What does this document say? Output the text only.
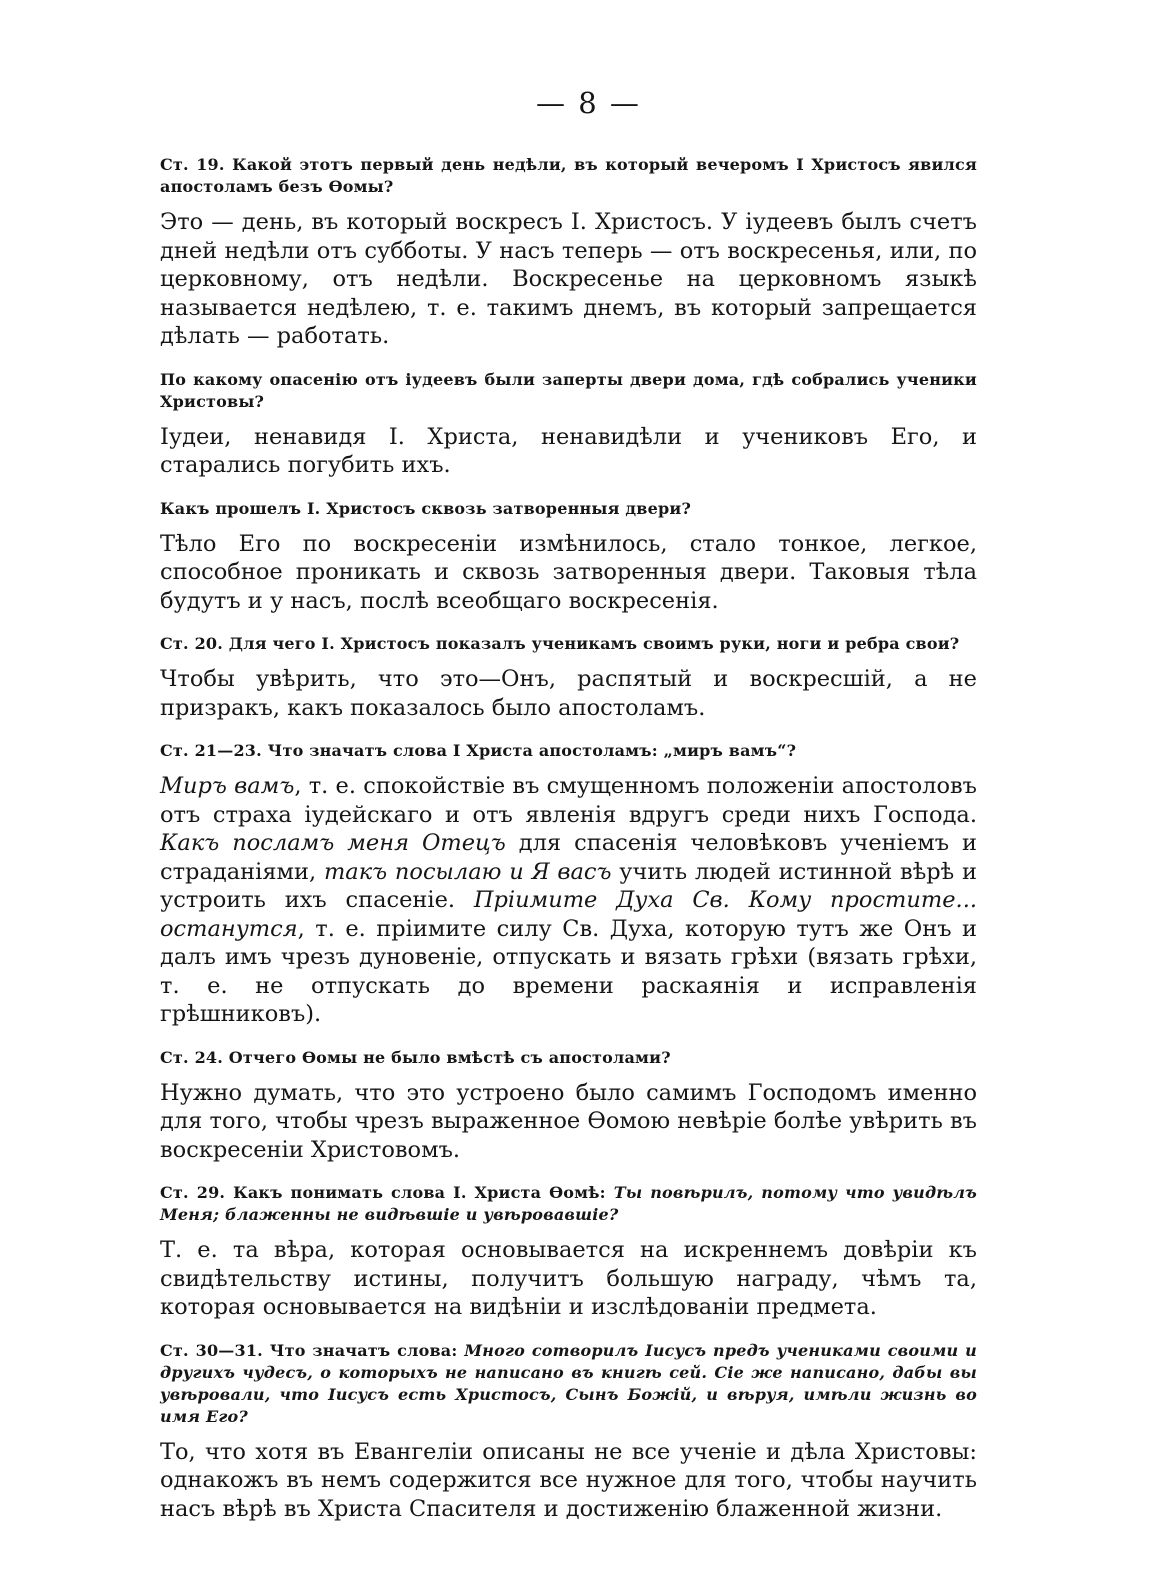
— 8 —

Ст. 19. Какой этотъ первый день недѣли, въ который вечеромъ I Христосъ явился апостоламъ безъ Ѳомы?

Это — день, въ который воскресъ I. Христосъ. У іудеевъ былъ счетъ дней недѣли отъ субботы. У насъ теперь — отъ воскресенья, или, по церковному, отъ недѣли. Воскресенье на церковномъ языкѣ называется недѣлею, т. е. такимъ днемъ, въ который запрещается дѣлать — работать.

По какому опасенію отъ іудеевъ были заперты двери дома, гдѣ собрались ученики Христовы?

Іудеи, ненавидя I. Христа, ненавидѣли и учениковъ Его, и старались погубить ихъ.

Какъ прошелъ I. Христосъ сквозь затворенныя двери?

Тѣло Его по воскресеніи измѣнилось, стало тонкое, легкое, способное проникать и сквозь затворенныя двери. Таковыя тѣла будутъ и у насъ, послѣ всеобщаго воскресенія.

Ст. 20. Для чего I. Христосъ показалъ ученикамъ своимъ руки, ноги и ребра свои?

Чтобы увѣрить, что это—Онъ, распятый и воскресшій, а не призракъ, какъ показалось было апостоламъ.

Ст. 21—23. Что значатъ слова I Христа апостоламъ: „миръ вамъ“?

Миръ вамъ, т. е. спокойствіе въ смущенномъ положеніи апостоловъ отъ страха іудейскаго и отъ явленія вдругъ среди нихъ Господа. Какъ посламъ меня Отецъ для спасенія человѣковъ ученіемъ и страданіями, такъ посылаю и Я васъ учить людей истинной вѣрѣ и устроить ихъ спасеніе. Пріимите Духа Св. Кому простите... останутся, т. е. пріимите силу Св. Духа, которую тутъ же Онъ и далъ имъ чрезъ дуновеніе, отпускать и вязать грѣхи (вязать грѣхи, т. е. не отпускать до времени раскаянія и исправленія грѣшниковъ).

Ст. 24. Отчего Ѳомы не было вмѣстѣ съ апостолами?

Нужно думать, что это устроено было самимъ Господомъ именно для того, чтобы чрезъ выраженное Ѳомою невѣріе болѣе увѣрить въ воскресеніи Христовомъ.

Ст. 29. Какъ понимать слова I. Христа Ѳомѣ: Ты повѣрилъ, потому что увидѣлъ Меня; блаженны не видѣвшіе и увѣровавшіе?

Т. е. та вѣра, которая основывается на искреннемъ довѣріи къ свидѣтельству истины, получитъ большую награду, чѣмъ та, которая основывается на видѣніи и изслѣдованіи предмета.

Ст. 30—31. Что значатъ слова: Много сотворилъ Іисусъ предъ учениками своими и другихъ чудесъ, о которыхъ не написано въ книгѣ сей. Сіе же написано, дабы вы увѣровали, что Іисусъ есть Христосъ, Сынъ Божій, и вѣруя, имѣли жизнь во имя Его?

То, что хотя въ Евангеліи описаны не все ученіе и дѣла Христовы: однакожъ въ немъ содержится все нужное для того, чтобы научить насъ вѣрѣ въ Христа Спасителя и достиженію блаженной жизни.
